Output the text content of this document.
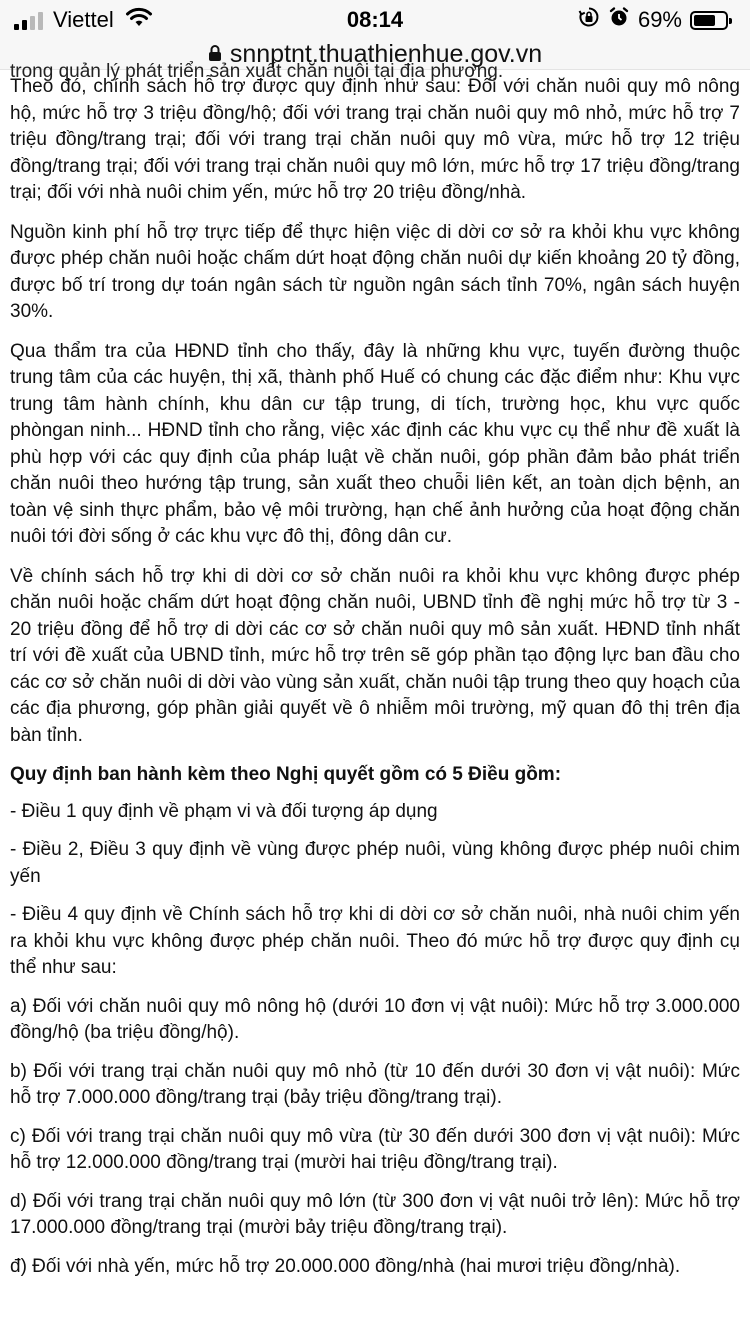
Viettel	08:14	69%
snnptnt.thuathienhue.gov.vn
trong quản lý phát triển sản xuất chăn nuôi tại địa phương.

Theo đó, chính sách hỗ trợ được quy định như sau: Đối với chăn nuôi quy mô nông hộ, mức hỗ trợ 3 triệu đồng/hộ; đối với trang trại chăn nuôi quy mô nhỏ, mức hỗ trợ 7 triệu đồng/trang trại; đối với trang trại chăn nuôi quy mô vừa, mức hỗ trợ 12 triệu đồng/trang trại; đối với trang trại chăn nuôi quy mô lớn, mức hỗ trợ 17 triệu đồng/trang trại; đối với nhà nuôi chim yến, mức hỗ trợ 20 triệu đồng/nhà.

Nguồn kinh phí hỗ trợ trực tiếp để thực hiện việc di dời cơ sở ra khỏi khu vực không được phép chăn nuôi hoặc chấm dứt hoạt động chăn nuôi dự kiến khoảng 20 tỷ đồng, được bố trí trong dự toán ngân sách từ nguồn ngân sách tỉnh 70%, ngân sách huyện 30%.

Qua thẩm tra của HĐND tỉnh cho thấy, đây là những khu vực, tuyến đường thuộc trung tâm của các huyện, thị xã, thành phố Huế có chung các đặc điểm như: Khu vực trung tâm hành chính, khu dân cư tập trung, di tích, trường học, khu vực quốc phòngan ninh... HĐND tỉnh cho rằng, việc xác định các khu vực cụ thể như đề xuất là phù hợp với các quy định của pháp luật về chăn nuôi, góp phần đảm bảo phát triển chăn nuôi theo hướng tập trung, sản xuất theo chuỗi liên kết, an toàn dịch bệnh, an toàn vệ sinh thực phẩm, bảo vệ môi trường, hạn chế ảnh hưởng của hoạt động chăn nuôi tới đời sống ở các khu vực đô thị, đông dân cư.

Về chính sách hỗ trợ khi di dời cơ sở chăn nuôi ra khỏi khu vực không được phép chăn nuôi hoặc chấm dứt hoạt động chăn nuôi, UBND tỉnh đề nghị mức hỗ trợ từ 3 - 20 triệu đồng để hỗ trợ di dời các cơ sở chăn nuôi quy mô sản xuất. HĐND tỉnh nhất trí với đề xuất của UBND tỉnh, mức hỗ trợ trên sẽ góp phần tạo động lực ban đầu cho các cơ sở chăn nuôi di dời vào vùng sản xuất, chăn nuôi tập trung theo quy hoạch của các địa phương, góp phần giải quyết về ô nhiễm môi trường, mỹ quan đô thị trên địa bàn tỉnh.

Quy định ban hành kèm theo Nghị quyết gồm có 5 Điều gồm:

- Điều 1 quy định về phạm vi và đối tượng áp dụng

- Điều 2, Điều 3 quy định về vùng được phép nuôi, vùng không được phép nuôi chim yến

- Điều 4 quy định về Chính sách hỗ trợ khi di dời cơ sở chăn nuôi, nhà nuôi chim yến ra khỏi khu vực không được phép chăn nuôi. Theo đó mức hỗ trợ được quy định cụ thể như sau:

a) Đối với chăn nuôi quy mô nông hộ (dưới 10 đơn vị vật nuôi): Mức hỗ trợ 3.000.000 đồng/hộ (ba triệu đồng/hộ).

b) Đối với trang trại chăn nuôi quy mô nhỏ (từ 10 đến dưới 30 đơn vị vật nuôi): Mức hỗ trợ 7.000.000 đồng/trang trại (bảy triệu đồng/trang trại).

c) Đối với trang trại chăn nuôi quy mô vừa (từ 30 đến dưới 300 đơn vị vật nuôi): Mức hỗ trợ 12.000.000 đồng/trang trại (mười hai triệu đồng/trang trại).

d) Đối với trang trại chăn nuôi quy mô lớn (từ 300 đơn vị vật nuôi trở lên): Mức hỗ trợ 17.000.000 đồng/trang trại (mười bảy triệu đồng/trang trại).

đ) Đối với nhà yến, mức hỗ trợ 20.000.000 đồng/nhà (hai mươi triệu đồng/nhà).
